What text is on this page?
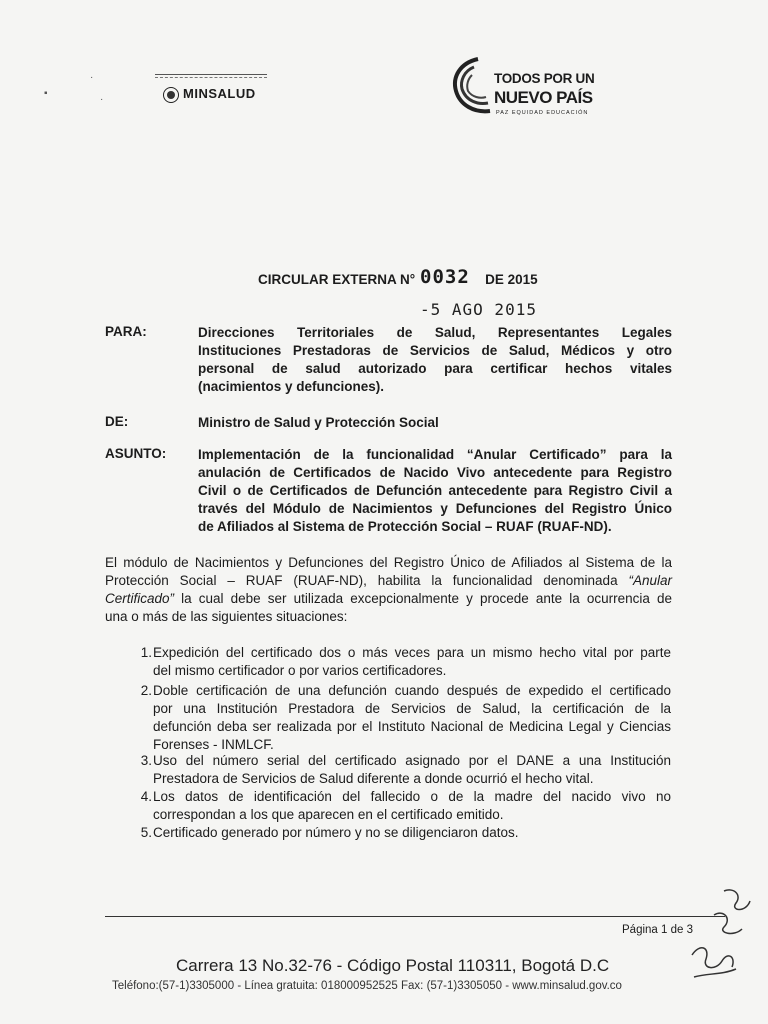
MINSALUD
▪
·
·
TODOS POR UN
NUEVO PAÍS
PAZ EQUIDAD EDUCACIÓN
CIRCULAR EXTERNA N°	DE 2015
0032
-5 AGO 2015
PARA:	Direcciones Territoriales de Salud, Representantes Legales
Instituciones Prestadoras de Servicios de Salud, Médicos y otro
personal de salud autorizado para certificar hechos vitales
(nacimientos y defunciones).
DE:	Ministro de Salud y Protección Social
ASUNTO: Implementación de la funcionalidad “Anular Certificado” para la
anulación de Certificados de Nacido Vivo antecedente para Registro
Civil o de Certificados de Defunción antecedente para Registro Civil a
través del Módulo de Nacimientos y Defunciones del Registro Único
de Afiliados al Sistema de Protección Social – RUAF (RUAF-ND).
El módulo de Nacimientos y Defunciones del Registro Único de Afiliados al Sistema de la
Protección Social – RUAF (RUAF-ND), habilita la funcionalidad denominada “Anular
Certificado” la cual debe ser utilizada excepcionalmente y procede ante la ocurrencia de
una o más de las siguientes situaciones:
1. Expedición del certificado dos o más veces para un mismo hecho vital por parte
del mismo certificador o por varios certificadores.
2. Doble certificación de una defunción cuando después de expedido el certificado
por una Institución Prestadora de Servicios de Salud, la certificación de la
defunción deba ser realizada por el Instituto Nacional de Medicina Legal y Ciencias
Forenses - INMLCF.
3. Uso del número serial del certificado asignado por el DANE a una Institución
Prestadora de Servicios de Salud diferente a donde ocurrió el hecho vital.
4. Los datos de identificación del fallecido o de la madre del nacido vivo no
correspondan a los que aparecen en el certificado emitido.
5. Certificado generado por número y no se diligenciaron datos.
Página 1 de 3
Carrera 13 No.32-76 - Código Postal 110311, Bogotá D.C
Teléfono:(57-1)3305000 - Línea gratuita: 018000952525 Fax: (57-1)3305050 - www.minsalud.gov.co
